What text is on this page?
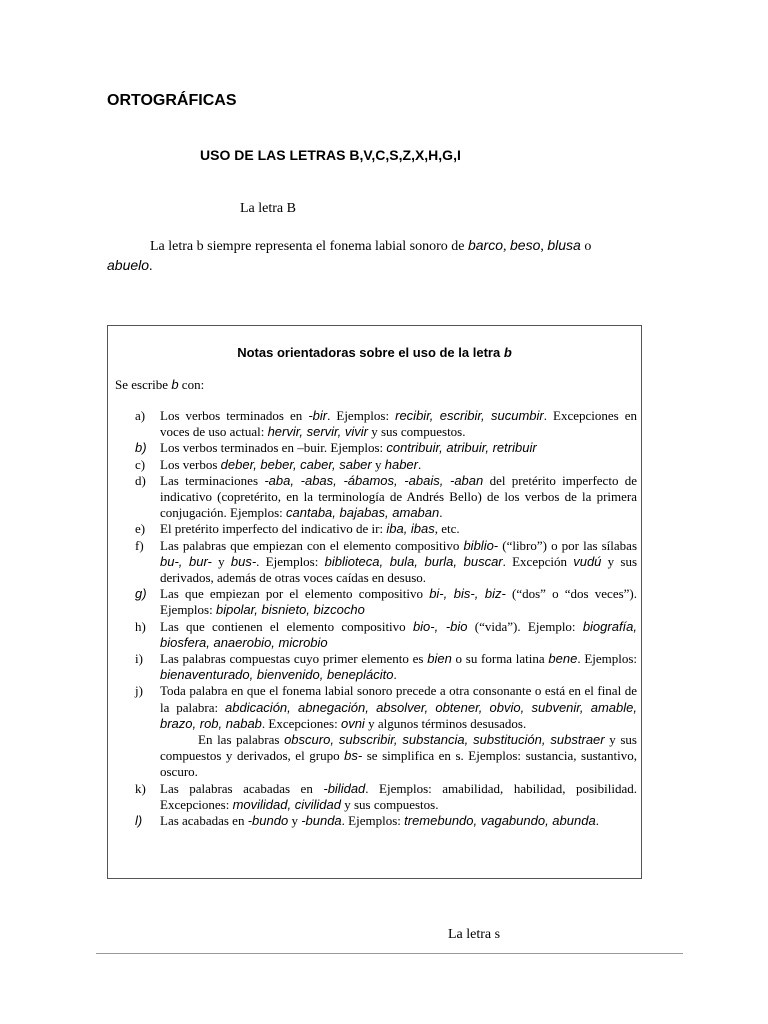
ORTOGRÁFICAS
USO DE LAS LETRAS B,V,C,S,Z,X,H,G,I
La letra B
La letra b siempre representa el fonema labial sonoro de barco, beso, blusa o abuelo.
Notas orientadoras sobre el uso de la letra b
Se escribe b con:
a)	Los verbos terminados en -bir. Ejemplos: recibir, escribir, sucumbir. Excepciones en voces de uso actual: hervir, servir, vivir y sus compuestos.
b)	Los verbos terminados en –buir. Ejemplos: contribuir, atribuir, retribuir
c)	Los verbos deber, beber, caber, saber y haber.
d)	Las terminaciones -aba, -abas, -ábamos, -abais, -aban del pretérito imperfecto de indicativo (copretérito, en la terminología de Andrés Bello) de los verbos de la primera conjugación. Ejemplos: cantaba, bajabas, amaban.
e)	El pretérito imperfecto del indicativo de ir: iba, ibas, etc.
f)	Las palabras que empiezan con el elemento compositivo biblio- (“libro”) o por las sílabas bu-, bur- y bus-. Ejemplos: biblioteca, bula, burla, buscar. Excepción vudú y sus derivados, además de otras voces caídas en desuso.
g)	Las que empiezan por el elemento compositivo bi-, bis-, biz- (“dos” o “dos veces”). Ejemplos: bipolar, bisnieto, bizcocho
h)	Las que contienen el elemento compositivo bio-, -bio (“vida”). Ejemplo: biografía, biosfera, anaerobio, microbio
i)	Las palabras compuestas cuyo primer elemento es bien o su forma latina bene. Ejemplos: bienaventurado, bienvenido, beneplácito.
j)	Toda palabra en que el fonema labial sonoro precede a otra consonante o está en el final de la palabra: abdicación, abnegación, absolver, obtener, obvio, subvenir, amable, brazo, rob, nabab. Excepciones: ovni y algunos términos desusados.
En las palabras obscuro, subscribir, substancia, substitución, substraer y sus compuestos y derivados, el grupo bs- se simplifica en s. Ejemplos: sustancia, sustantivo, oscuro.
k)	Las palabras acabadas en -bilidad. Ejemplos: amabilidad, habilidad, posibilidad. Excepciones: movilidad, civilidad y sus compuestos.
l)	Las acabadas en -bundo y -bunda. Ejemplos: tremebundo, vagabundo, abunda.
La letra s
